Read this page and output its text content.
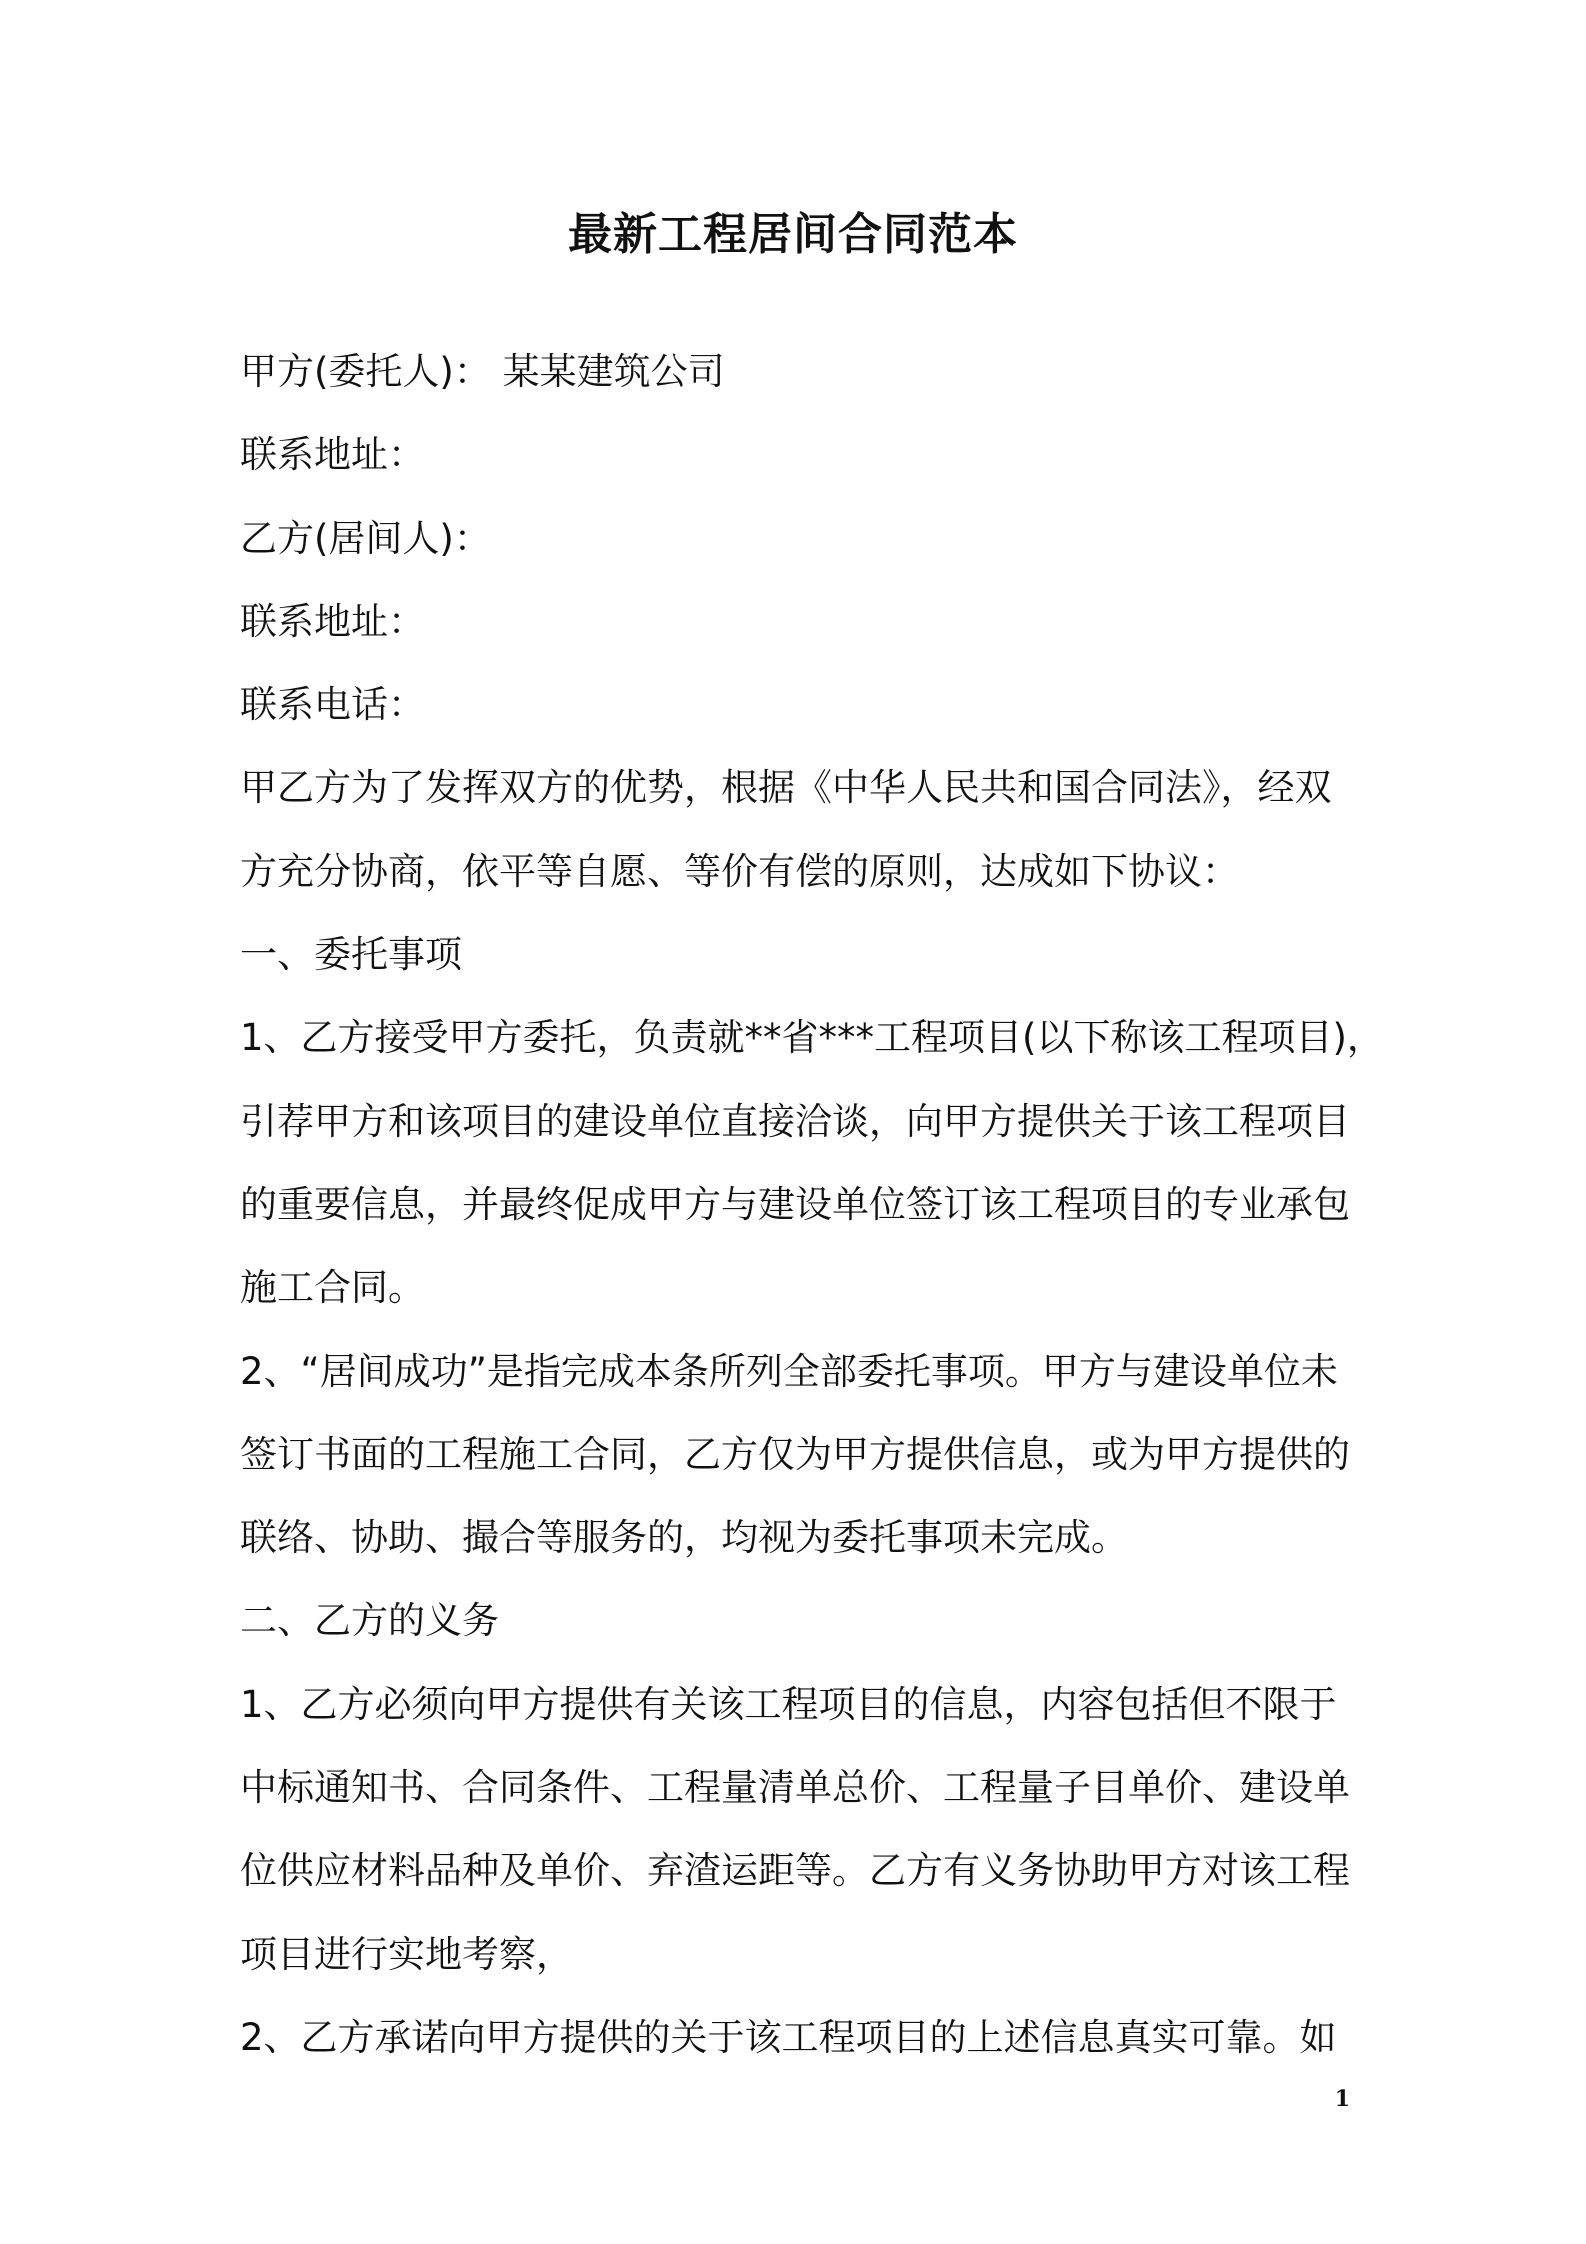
最新工程居间合同范本
甲方(委托人)： 某某建筑公司
联系地址：
乙方(居间人)：
联系地址：
联系电话：
甲乙方为了发挥双方的优势，根据《中华人民共和国合同法》，经双
方充分协商，依平等自愿、等价有偿的原则，达成如下协议：
一、委托事项
1、乙方接受甲方委托，负责就**省***工程项目(以下称该工程项目)，
引荐甲方和该项目的建设单位直接洽谈，向甲方提供关于该工程项目
的重要信息，并最终促成甲方与建设单位签订该工程项目的专业承包
施工合同。
2、“居间成功”是指完成本条所列全部委托事项。甲方与建设单位未
签订书面的工程施工合同，乙方仅为甲方提供信息，或为甲方提供的
联络、协助、撮合等服务的，均视为委托事项未完成。
二、乙方的义务
1、乙方必须向甲方提供有关该工程项目的信息，内容包括但不限于
中标通知书、合同条件、工程量清单总价、工程量子目单价、建设单
位供应材料品种及单价、弃渣运距等。乙方有义务协助甲方对该工程
项目进行实地考察，
2、乙方承诺向甲方提供的关于该工程项目的上述信息真实可靠。如
1
